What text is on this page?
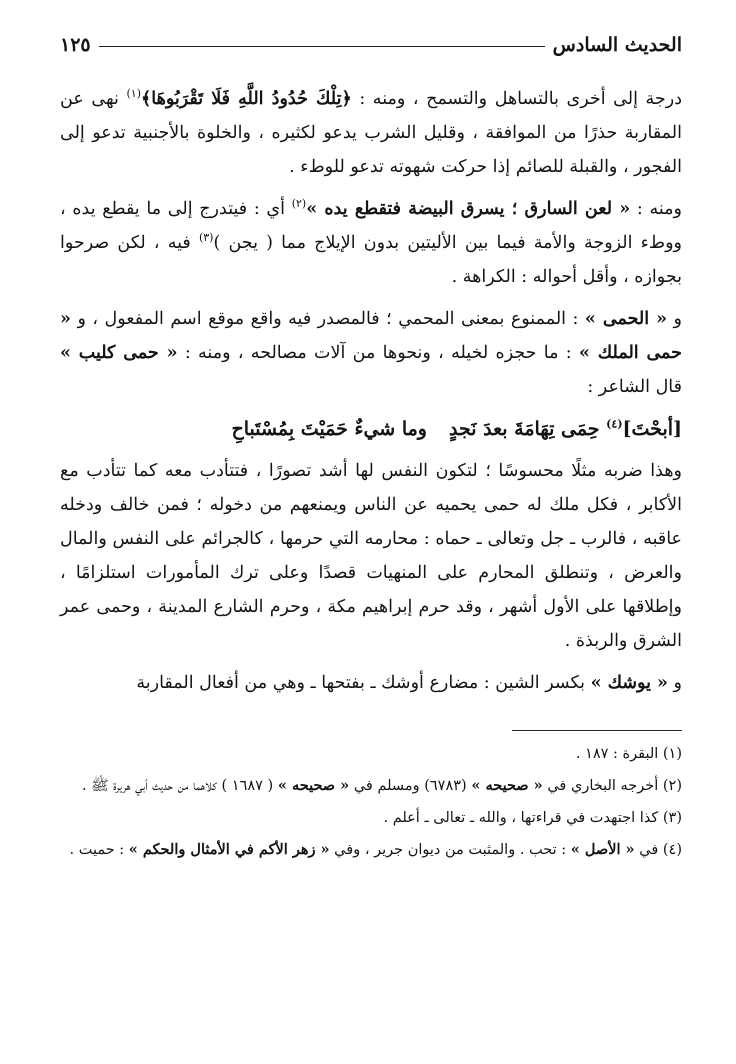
الحديث السادس
١٢٥

درجة إلى أخرى بالتساهل والتسمح ، ومنه : ﴿تِلْكَ حُدُودُ اللَّهِ فَلَا تَقْرَبُوهَا﴾$^{(١)}$ نهى عن المقاربة حذرًا من الموافقة ، وقليل الشرب يدعو لكثيره ، والخلوة بالأجنبية تدعو إلى الفجور ، والقبلة للصائم إذا حركت شهوته تدعو للوطء .

ومنه : « لعن السارق ؛ يسرق البيضة فتقطع يده »$^{(٢)}$ أي : فيتدرج إلى ما يقطع يده ، ووطء الزوجة والأمة فيما بين الأليتين بدون الإيلاج مما ( يجن )$^{(٣)}$ فيه ، لكن صرحوا بجوازه ، وأقل أحواله : الكراهة .

و « الحمى » : الممنوع بمعنى المحمي ؛ فالمصدر فيه واقع موقع اسم المفعول ، و « حمى الملك » : ما حجزه لخيله ، ونحوها من آلات مصالحه ، ومنه : « حمى كليب » قال الشاعر :

[أبحْتَ]$^{(٤)}$ حِمَى تِهَامَةَ بعدَ نَجدٍوما شيءٌ حَمَيْتَ بِمُسْتَباحِ

وهذا ضربه مثلًا محسوسًا ؛ لتكون النفس لها أشد تصورًا ، فتتأدب معه كما تتأدب مع الأكابر ، فكل ملك له حمى يحميه عن الناس ويمنعهم من دخوله ؛ فمن خالف ودخله عاقبه ، فالرب ـ جل وتعالى ـ حماه : محارمه التي حرمها ، كالجرائم على النفس والمال والعرض ، وتنطلق المحارم على المنهيات قصدًا وعلى ترك المأمورات استلزامًا ، وإطلاقها على الأول أشهر ، وقد حرم إبراهيم مكة ، وحرم الشارع المدينة ، وحمى عمر الشرق والربذة .

و « يوشك » بكسر الشين : مضارع أوشك ـ بفتحها ـ وهي من أفعال المقاربة

(١) البقرة : ١٨٧ .

(٢) أخرجه البخاري في « صحيحه » (٦٧٨٣) ومسلم في « صحيحه » ( ١٦٨٧ ) كلاهما من حديث أبي هريرة ﷺ .

(٣) كذا اجتهدت في قراءتها ، والله ـ تعالى ـ أعلم .

(٤) في « الأصل » : تحب . والمثبت من ديوان جرير ، وفي « زهر الأكم في الأمثال والحكم » : حميت .
